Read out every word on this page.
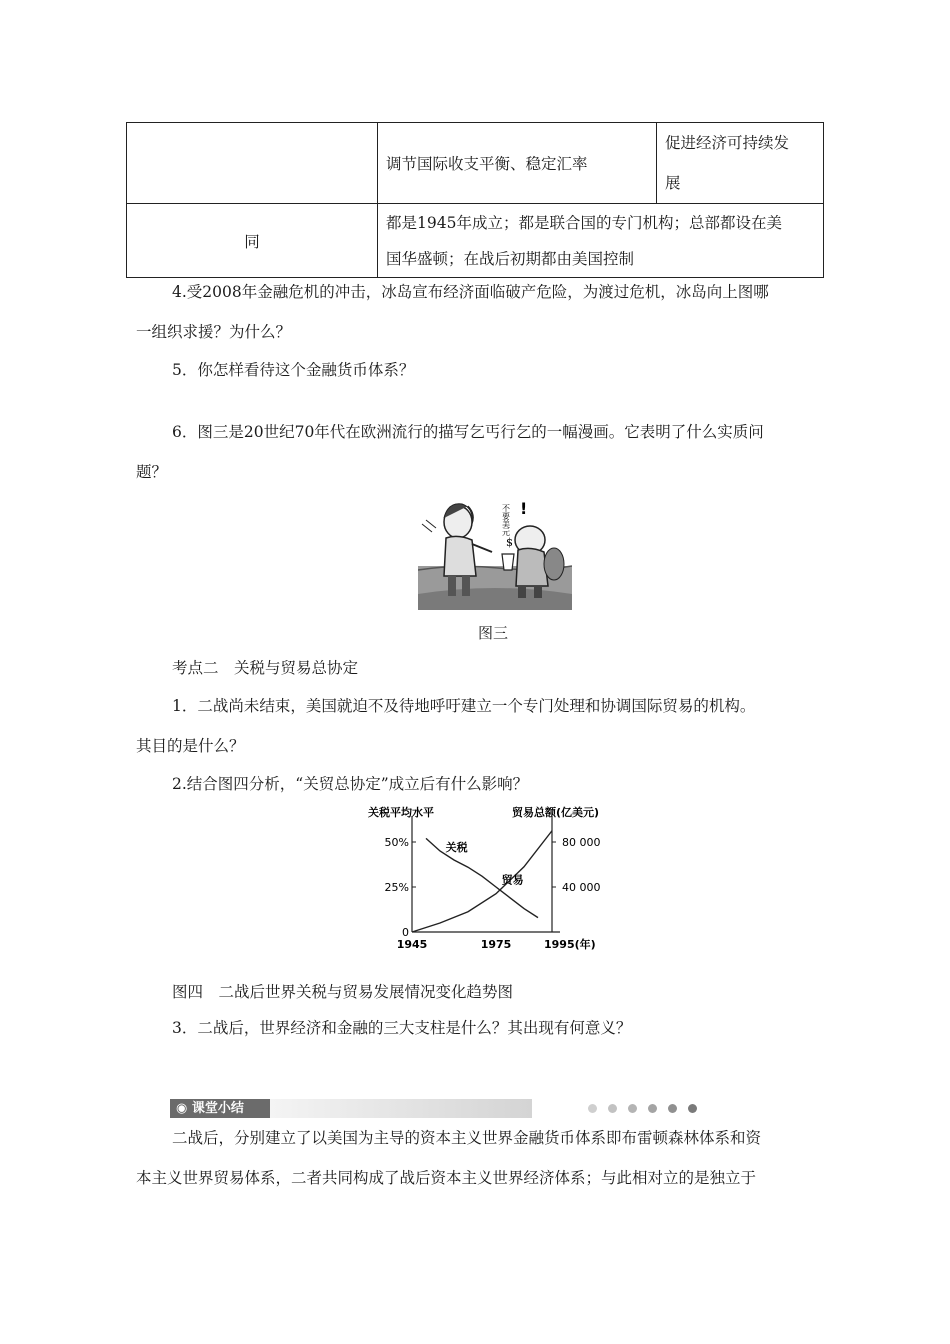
	调节国际收支平衡、稳定汇率	促进经济可持续发
展

同	都是1945年成立；都是联合国的专门机构；总部都设在美
国华盛顿；在战后初期都由美国控制	
4.受2008年金融危机的冲击，冰岛宣布经济面临破产危险，为渡过危机，冰岛向上图哪
一组织求援？为什么？
5．你怎样看待这个金融货币体系？
6．图三是20世纪70年代在欧洲流行的描写乞丐行乞的一幅漫画。它表明了什么实质问
题？
$
不要美元 !
图三
考点二　关税与贸易总协定
1．二战尚未结束，美国就迫不及待地呼吁建立一个专门处理和协调国际贸易的机构。
其目的是什么？
2.结合图四分析，“关贸总协定”成立后有什么影响？
关税平均水平	贸易总额(亿美元)
0
25%
50%
40 000
80 000
1945	1975	1995(年)
关税
贸易
图四　二战后世界关税与贸易发展情况变化趋势图
3．二战后，世界经济和金融的三大支柱是什么？其出现有何意义？
◉ 课堂小结
二战后，分别建立了以美国为主导的资本主义世界金融货币体系即布雷顿森林体系和资
本主义世界贸易体系，二者共同构成了战后资本主义世界经济体系；与此相对立的是独立于
